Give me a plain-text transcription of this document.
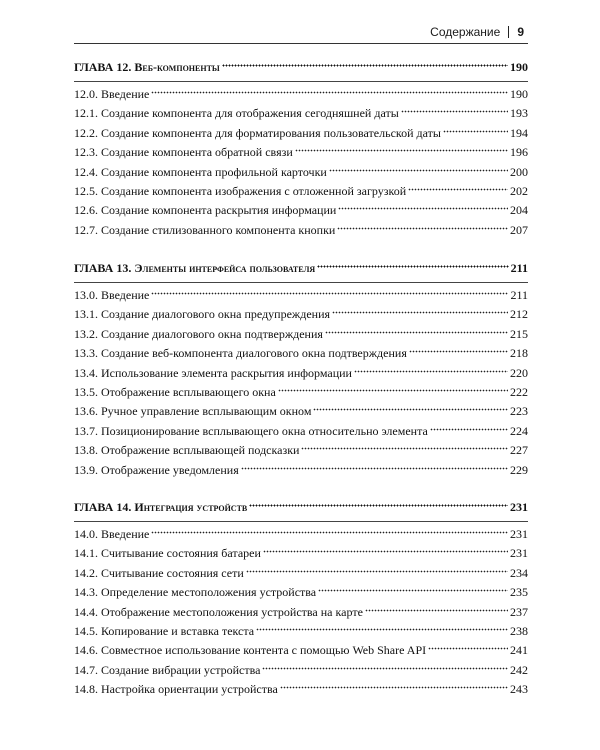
Содержание 9
ГЛАВА 12. Веб-компоненты	190
12.0. Введение	190
12.1. Создание компонента для отображения сегодняшней даты	193
12.2. Создание компонента для форматирования пользовательской даты	194
12.3. Создание компонента обратной связи	196
12.4. Создание компонента профильной карточки	200
12.5. Создание компонента изображения с отложенной загрузкой	202
12.6. Создание компонента раскрытия информации	204
12.7. Создание стилизованного компонента кнопки	207
ГЛАВА 13. Элементы интерфейса пользователя	211
13.0. Введение	211
13.1. Создание диалогового окна предупреждения	212
13.2. Создание диалогового окна подтверждения	215
13.3. Создание веб-компонента диалогового окна подтверждения	218
13.4. Использование элемента раскрытия информации	220
13.5. Отображение всплывающего окна	222
13.6. Ручное управление всплывающим окном	223
13.7. Позиционирование всплывающего окна относительно элемента	224
13.8. Отображение всплывающей подсказки	227
13.9. Отображение уведомления	229
ГЛАВА 14. Интеграция устройств	231
14.0. Введение	231
14.1. Считывание состояния батареи	231
14.2. Считывание состояния сети	234
14.3. Определение местоположения устройства	235
14.4. Отображение местоположения устройства на карте	237
14.5. Копирование и вставка текста	238
14.6. Совместное использование контента с помощью Web Share API	241
14.7. Создание вибрации устройства	242
14.8. Настройка ориентации устройства	243
